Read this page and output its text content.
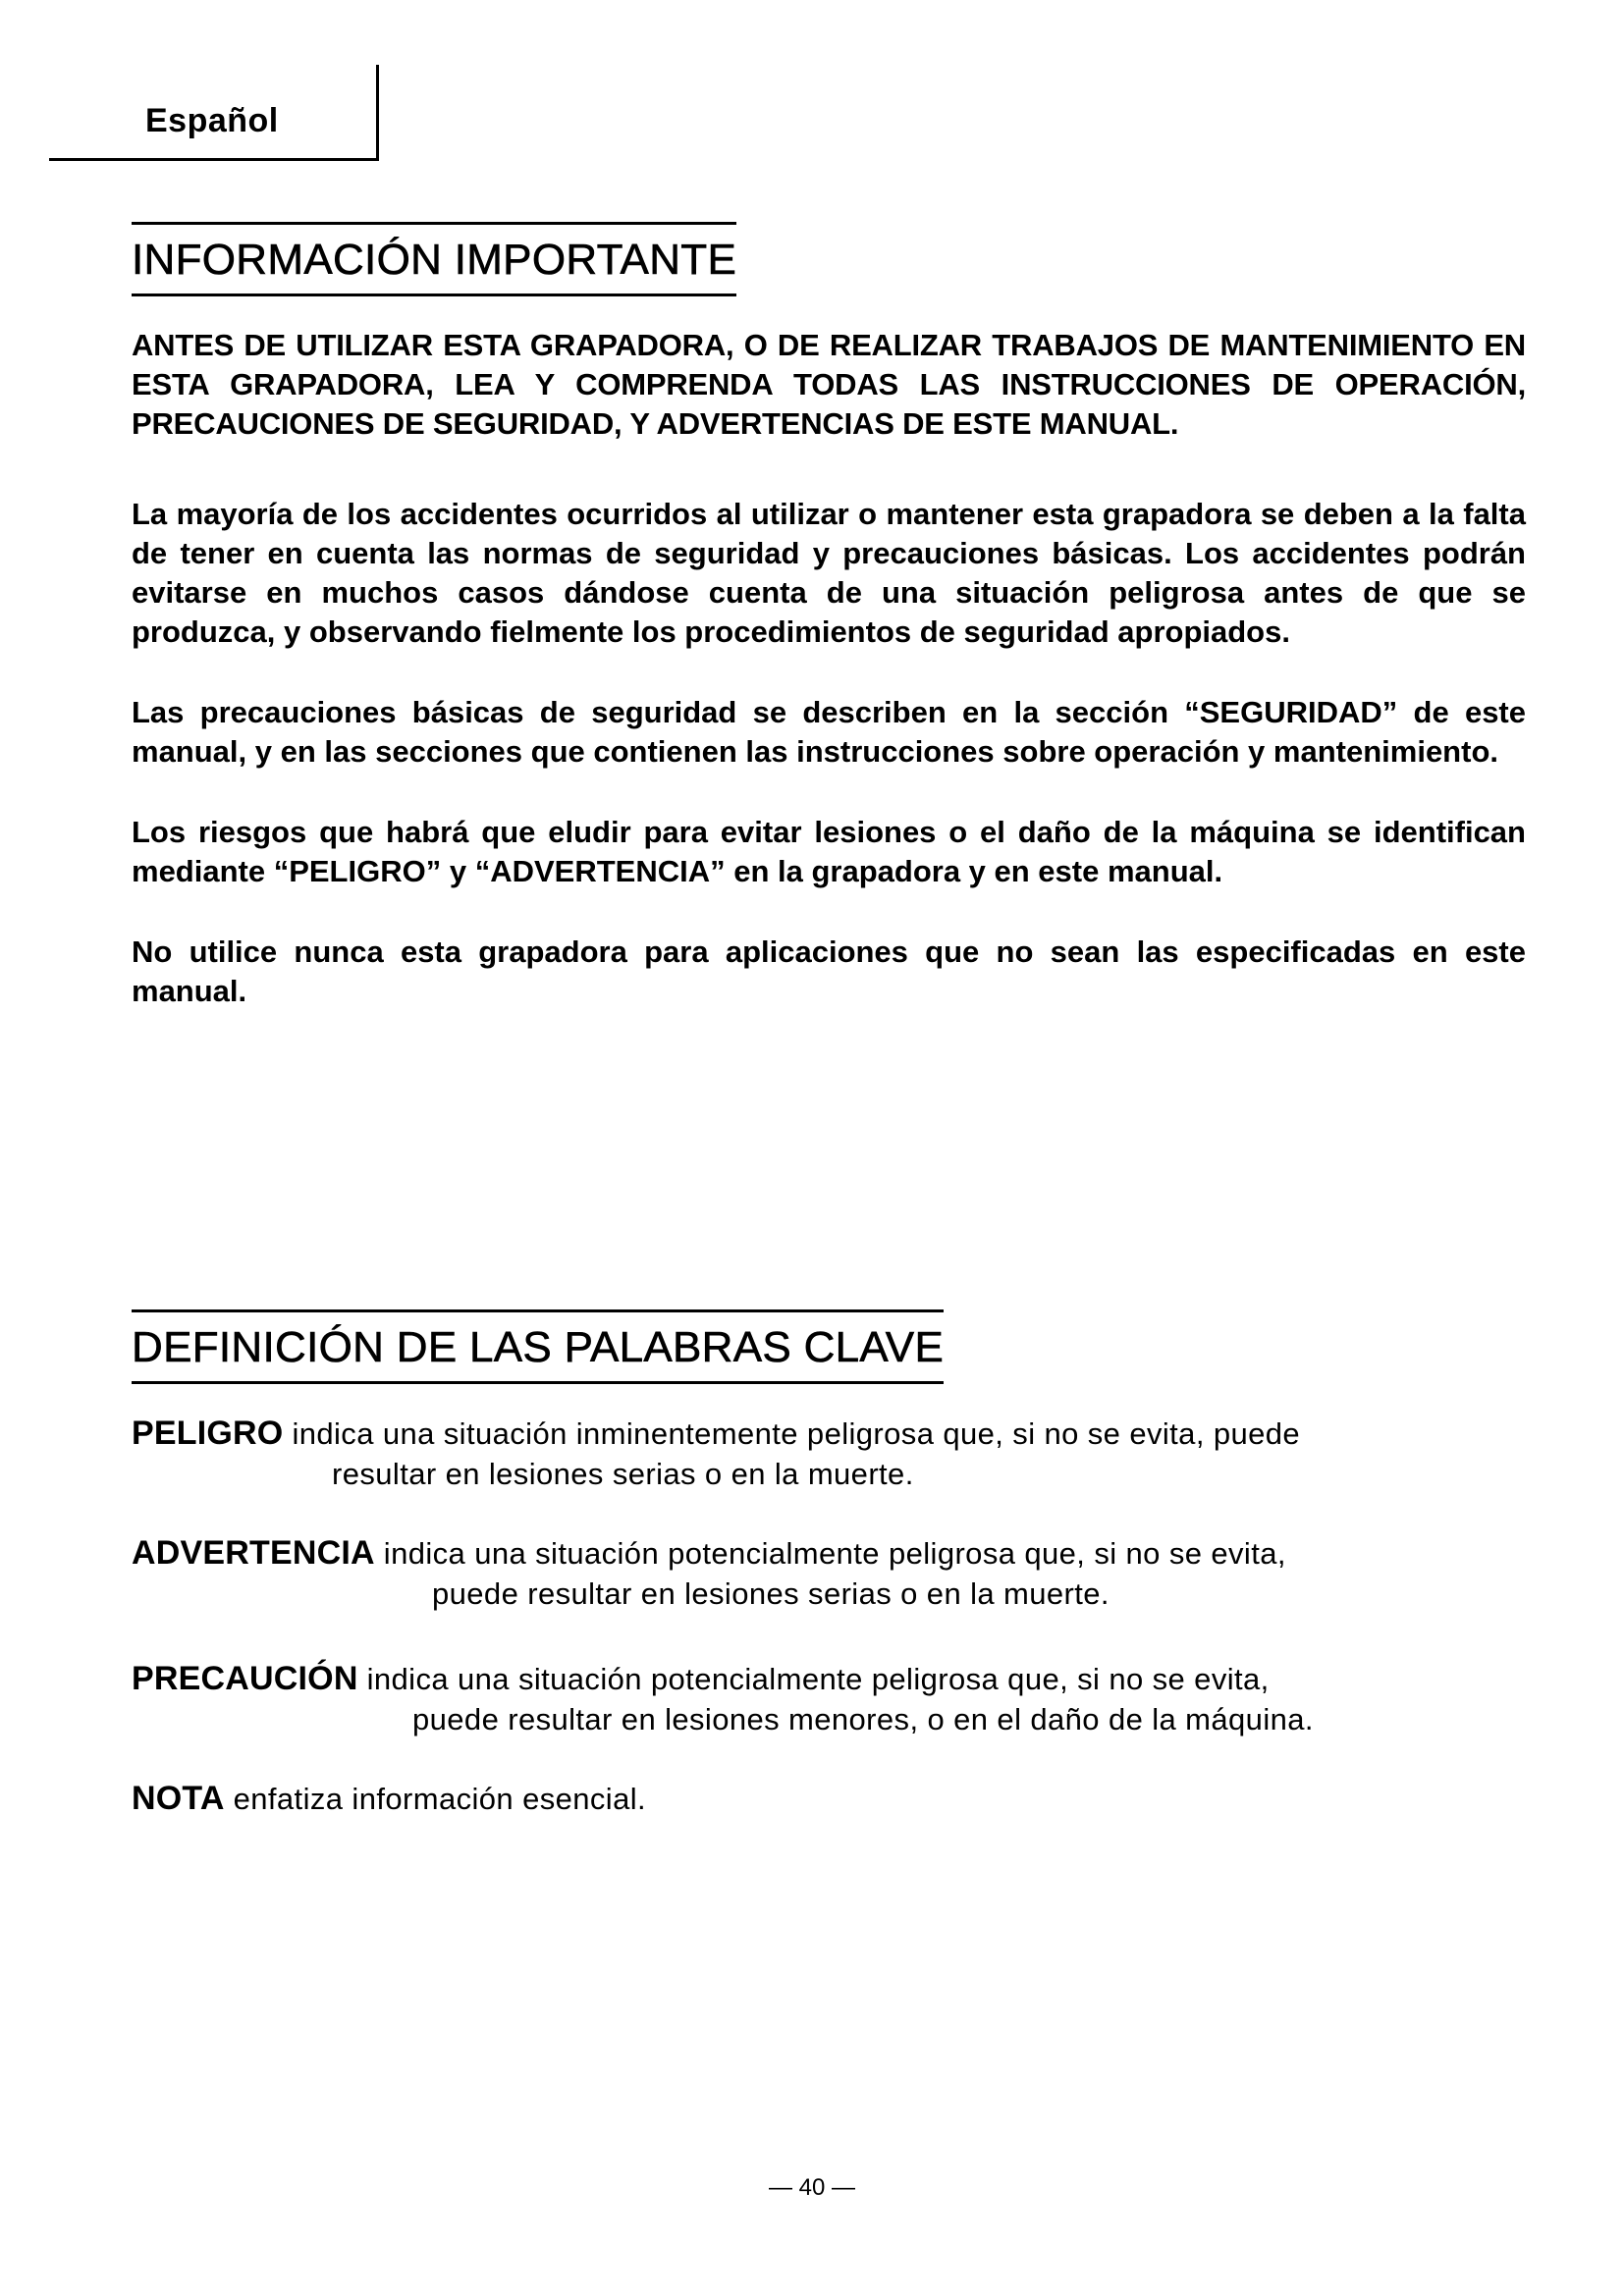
Español
INFORMACIÓN IMPORTANTE

ANTES DE UTILIZAR ESTA GRAPADORA, O DE REALIZAR TRABAJOS DE MANTENIMIENTO EN ESTA GRAPADORA, LEA Y COMPRENDA TODAS LAS INSTRUCCIONES DE OPERACIÓN, PRECAUCIONES DE SEGURIDAD, Y ADVERTENCIAS DE ESTE MANUAL.

La mayoría de los accidentes ocurridos al utilizar o mantener esta grapadora se deben a la falta de tener en cuenta las normas de seguridad y precauciones básicas. Los accidentes podrán evitarse en muchos casos dándose cuenta de una situación peligrosa antes de que se produzca, y observando fielmente los procedimientos de seguridad apropiados.

Las precauciones básicas de seguridad se describen en la sección “SEGURIDAD” de este manual, y en las secciones que contienen las instrucciones sobre operación y mantenimiento.

Los riesgos que habrá que eludir para evitar lesiones o el daño de la máquina se identifican mediante “PELIGRO” y “ADVERTENCIA” en la grapadora y en este manual.

No utilice nunca esta grapadora para aplicaciones que no sean las especificadas en este manual.

DEFINICIÓN DE LAS PALABRAS CLAVE
PELIGRO indica una situación inminentemente peligrosa que, si no se evita, puede
resultar en lesiones serias o en la muerte.
ADVERTENCIA indica una situación potencialmente peligrosa que, si no se evita,
puede resultar en lesiones serias o en la muerte.
PRECAUCIÓN indica una situación potencialmente peligrosa que, si no se evita,
puede resultar en lesiones menores, o en el daño de la máquina.
NOTA enfatiza información esencial.
— 40 —
